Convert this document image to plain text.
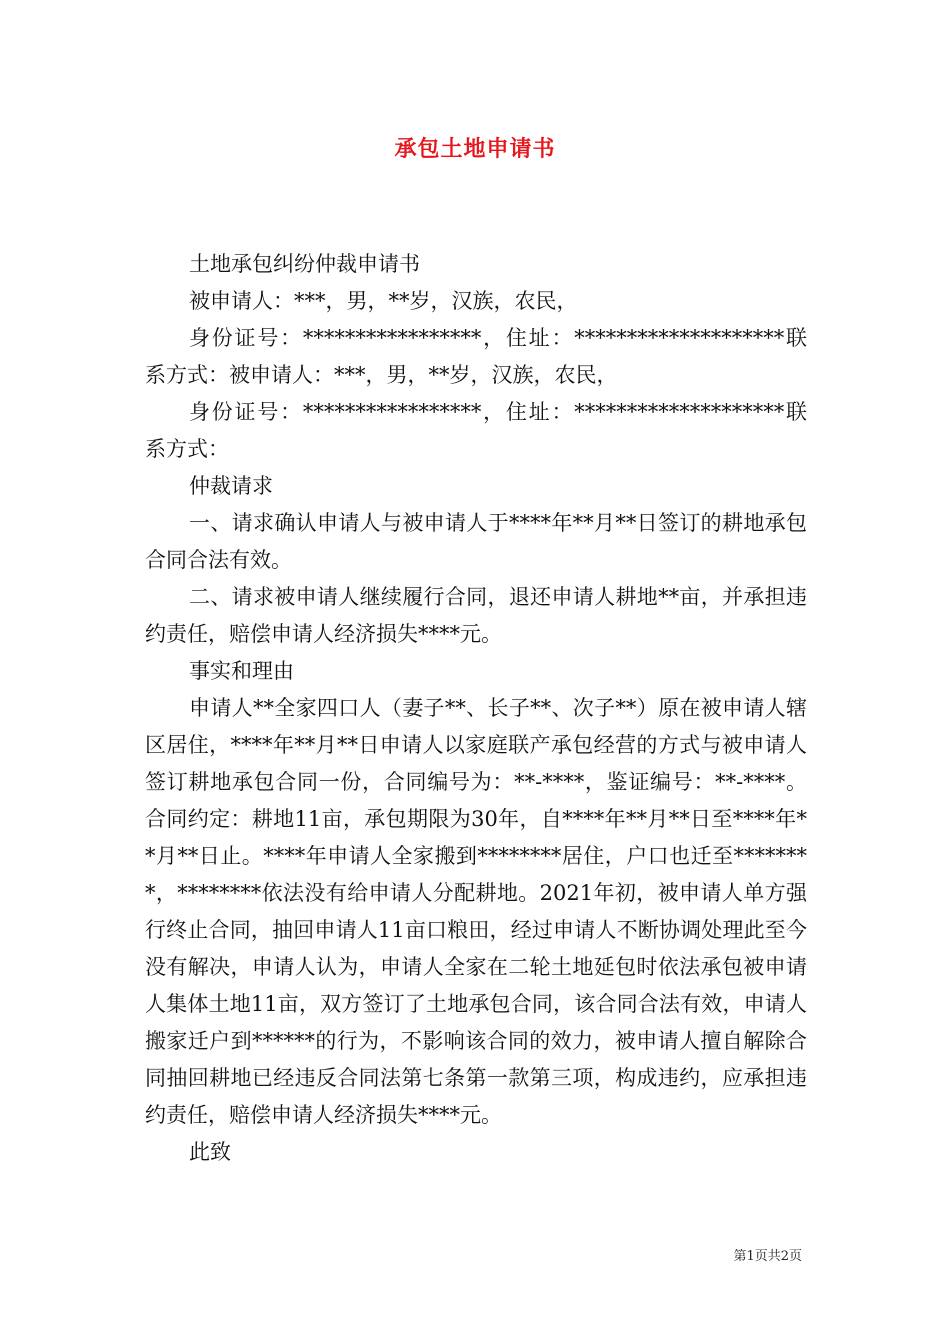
承包土地申请书

土地承包纠纷仲裁申请书

被申请人：***，男，**岁，汉族，农民，

身份证号：*****************，住址：********************联系方式：被申请人：***，男，**岁，汉族，农民，

身份证号：*****************，住址：********************联系方式：

仲裁请求

一、请求确认申请人与被申请人于****年**月**日签订的耕地承包合同合法有效。

二、请求被申请人继续履行合同，退还申请人耕地**亩，并承担违约责任，赔偿申请人经济损失****元。

事实和理由

申请人**全家四口人（妻子**、长子**、次子**）原在被申请人辖区居住，****年**月**日申请人以家庭联产承包经营的方式与被申请人签订耕地承包合同一份，合同编号为：**-****，鉴证编号：**-****。合同约定：耕地11亩，承包期限为30年，自****年**月**日至****年**月**日止。****年申请人全家搬到********居住，户口也迁至********，********依法没有给申请人分配耕地。2021年初，被申请人单方强行终止合同，抽回申请人11亩口粮田，经过申请人不断协调处理此至今没有解决，申请人认为，申请人全家在二轮土地延包时依法承包被申请人集体土地11亩，双方签订了土地承包合同，该合同合法有效，申请人搬家迁户到******的行为，不影响该合同的效力，被申请人擅自解除合同抽回耕地已经违反合同法第七条第一款第三项，构成违约，应承担违约责任，赔偿申请人经济损失****元。

此致

第1页共2页
